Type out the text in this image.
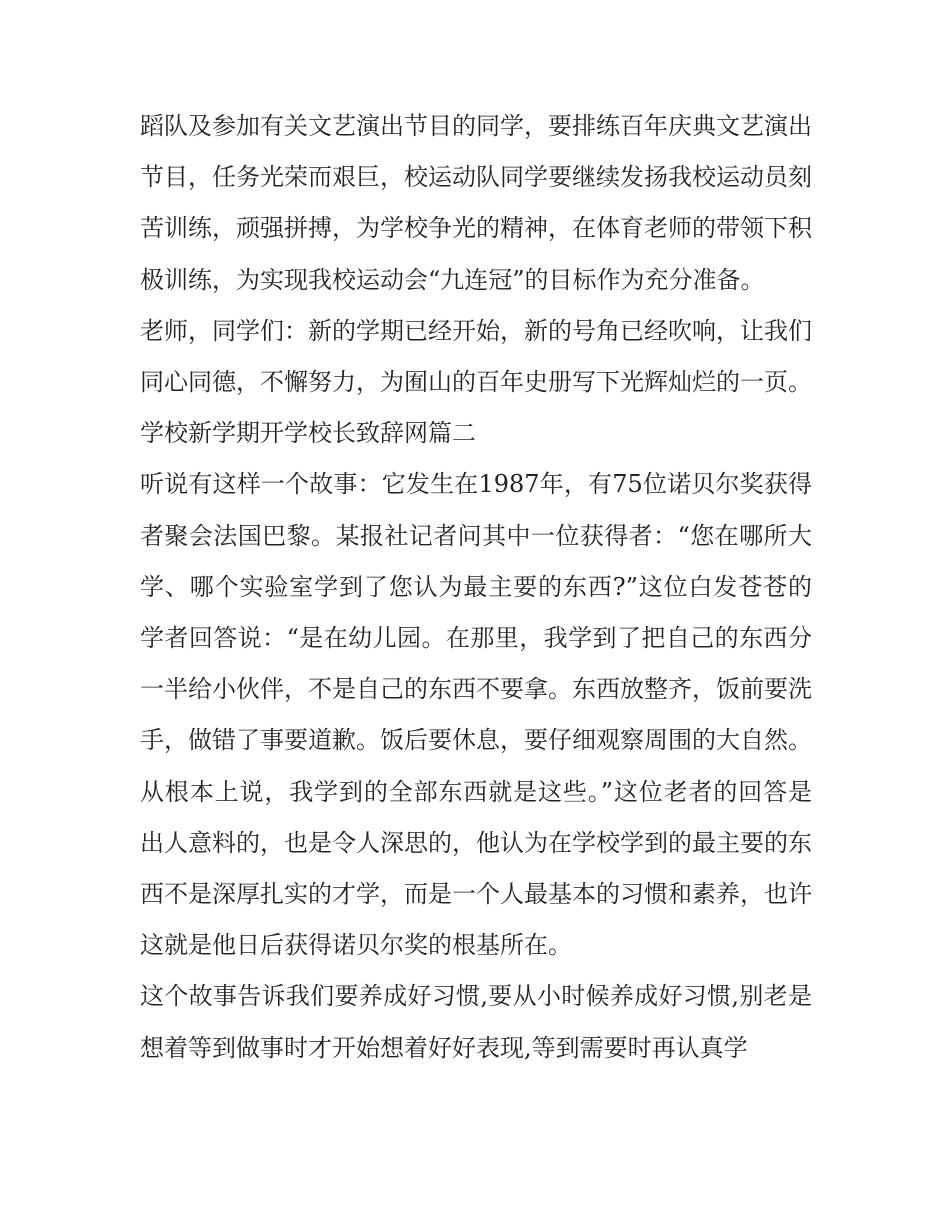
蹈队及参加有关文艺演出节目的同学，要排练百年庆典文艺演出节目，任务光荣而艰巨，校运动队同学要继续发扬我校运动员刻苦训练，顽强拼搏，为学校争光的精神，在体育老师的带领下积极训练，为实现我校运动会“九连冠”的目标作为充分准备。

老师，同学们：新的学期已经开始，新的号角已经吹响，让我们同心同德，不懈努力，为囿山的百年史册写下光辉灿烂的一页。 学校新学期开学校长致辞网篇二

听说有这样一个故事：它发生在1987年，有75位诺贝尔奖获得者聚会法国巴黎。某报社记者问其中一位获得者：“您在哪所大学、哪个实验室学到了您认为最主要的东西?”这位白发苍苍的学者回答说：“是在幼儿园。在那里，我学到了把自己的东西分一半给小伙伴，不是自己的东西不要拿。东西放整齐，饭前要洗手，做错了事要道歉。饭后要休息，要仔细观察周围的大自然。从根本上说，我学到的全部东西就是这些。”这位老者的回答是出人意料的，也是令人深思的，他认为在学校学到的最主要的东西不是深厚扎实的才学，而是一个人最基本的习惯和素养，也许这就是他日后获得诺贝尔奖的根基所在。

这个故事告诉我们要养成好习惯,要从小时候养成好习惯,别老是想着等到做事时才开始想着好好表现,等到需要时再认真学
